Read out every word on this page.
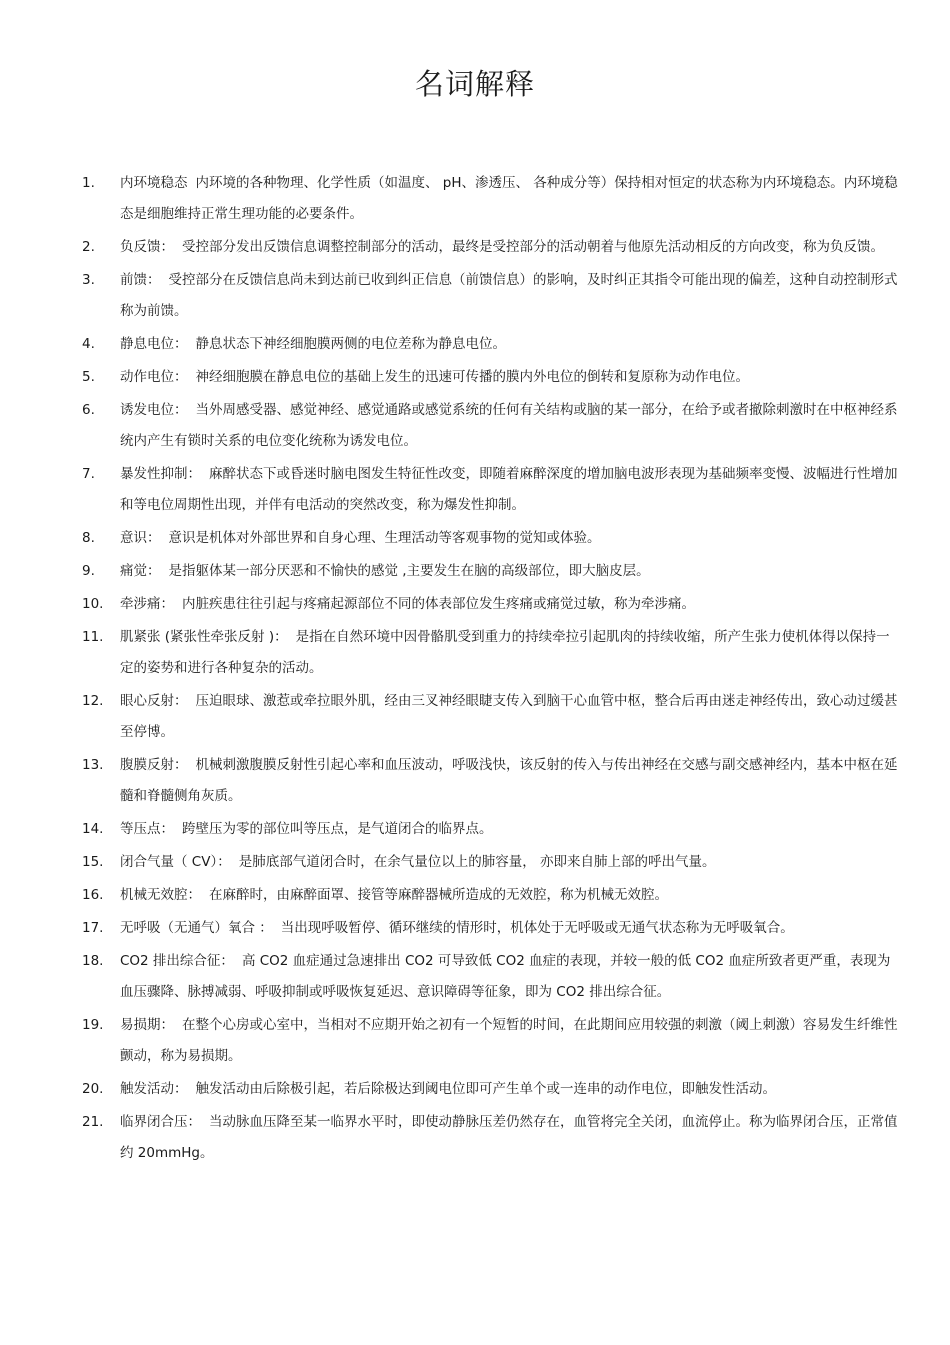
名词解释
1.	内环境稳态 内环境的各种物理、化学性质（如温度、 pH、渗透压、 各种成分等）保持相对恒定的状态称为内环境稳态。内环境稳态是细胞维持正常生理功能的必要条件。
2.	负反馈： 受控部分发出反馈信息调整控制部分的活动，最终是受控部分的活动朝着与他原先活动相反的方向改变，称为负反馈。
3.	前馈： 受控部分在反馈信息尚未到达前已收到纠正信息（前馈信息）的影响，及时纠正其指令可能出现的偏差，这种自动控制形式称为前馈。
4.	静息电位： 静息状态下神经细胞膜两侧的电位差称为静息电位。
5.	动作电位： 神经细胞膜在静息电位的基础上发生的迅速可传播的膜内外电位的倒转和复原称为动作电位。
6.	诱发电位： 当外周感受器、感觉神经、感觉通路或感觉系统的任何有关结构或脑的某一部分，在给予或者撤除刺激时在中枢神经系统内产生有锁时关系的电位变化统称为诱发电位。
7.	暴发性抑制： 麻醉状态下或昏迷时脑电图发生特征性改变，即随着麻醉深度的增加脑电波形表现为基础频率变慢、波幅进行性增加和等电位周期性出现，并伴有电活动的突然改变，称为爆发性抑制。
8.	意识： 意识是机体对外部世界和自身心理、生理活动等客观事物的觉知或体验。
9.	痛觉： 是指躯体某一部分厌恶和不愉快的感觉 ,主要发生在脑的高级部位，即大脑皮层。
10.	牵涉痛： 内脏疾患往往引起与疼痛起源部位不同的体表部位发生疼痛或痛觉过敏，称为牵涉痛。
11.	肌紧张 (紧张性牵张反射 )： 是指在自然环境中因骨骼肌受到重力的持续牵拉引起肌肉的持续收缩，所产生张力使机体得以保持一定的姿势和进行各种复杂的活动。
12.	眼心反射： 压迫眼球、激惹或牵拉眼外肌，经由三叉神经眼睫支传入到脑干心血管中枢，整合后再由迷走神经传出，致心动过缓甚至停博。
13.	腹膜反射： 机械刺激腹膜反射性引起心率和血压波动，呼吸浅快，该反射的传入与传出神经在交感与副交感神经内，基本中枢在延髓和脊髓侧角灰质。
14.	等压点： 跨壁压为零的部位叫等压点，是气道闭合的临界点。
15.	闭合气量（ CV）： 是肺底部气道闭合时，在余气量位以上的肺容量， 亦即来自肺上部的呼出气量。
16.	机械无效腔： 在麻醉时，由麻醉面罩、接管等麻醉器械所造成的无效腔，称为机械无效腔。
17.	无呼吸（无通气）氧合 ： 当出现呼吸暂停、循环继续的情形时，机体处于无呼吸或无通气状态称为无呼吸氧合。
18.	CO2 排出综合征： 高 CO2 血症通过急速排出 CO2 可导致低 CO2 血症的表现，并较一般的低 CO2 血症所致者更严重，表现为血压骤降、脉搏减弱、呼吸抑制或呼吸恢复延迟、意识障碍等征象，即为 CO2 排出综合征。
19.	易损期： 在整个心房或心室中，当相对不应期开始之初有一个短暂的时间，在此期间应用较强的刺激（阈上刺激）容易发生纤维性颤动，称为易损期。
20.	触发活动： 触发活动由后除极引起，若后除极达到阈电位即可产生单个或一连串的动作电位，即触发性活动。
21.	临界闭合压： 当动脉血压降至某一临界水平时，即使动静脉压差仍然存在，血管将完全关闭，血流停止。称为临界闭合压，正常值约 20mmHg。
